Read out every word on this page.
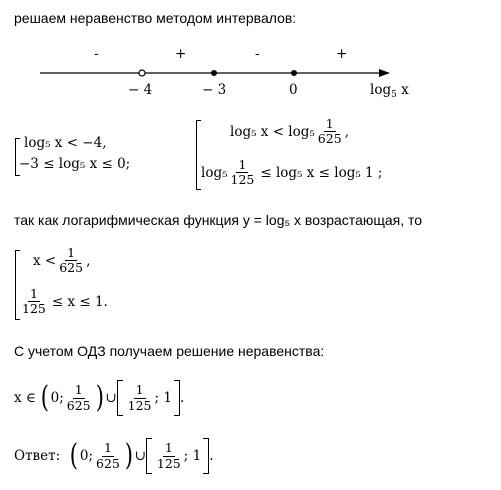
решаем неравенство методом интервалов:
-	+	-	+
− 4	− 3	0	$\log_5 x$
log₅ x < −4,
−3 ≤ log₅ x ≤ 0;
log₅ $x < \log_5 \frac{1}{625}$ ,
$\log_5 \frac{1}{125} \le \log_5$ x ≤ log₅ 1 ;
так как логарифмическая функция y = log₅ x возрастающая, то
$x < \frac{1}{625}$ ,
$\frac{1}{125} \le x \le 1$.
С учетом ОДЗ получаем решение неравенства:
x ∈ ( 0; $\frac{1}{625}$ ) ∪ $\frac{1}{125}$ ; 1 .
Ответ: ( 0; $\frac{1}{625}$ ) ∪ $\frac{1}{125}$ ; 1 .
